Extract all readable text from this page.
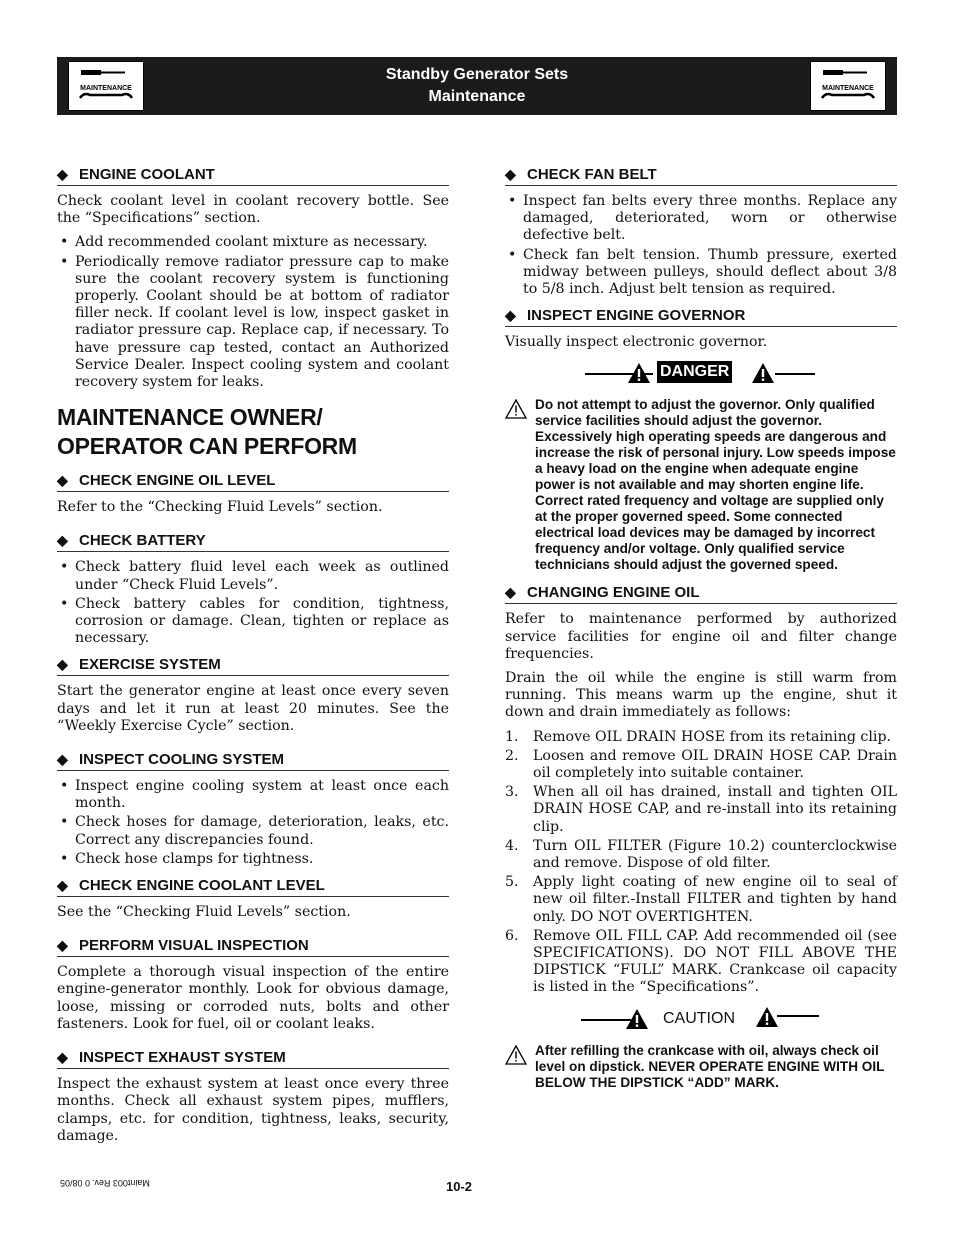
MAINTENANCE
Standby Generator Sets
Maintenance	MAINTENANCE
◆ ENGINE COOLANT

Check coolant level in coolant recovery bottle. See the “Specifications” section.

• Add recommended coolant mixture as necessary.
• Periodically remove radiator pressure cap to make sure the coolant recovery system is functioning properly. Coolant should be at bottom of radiator filler neck. If coolant level is low, inspect gasket in radiator pressure cap. Replace cap, if necessary. To have pressure cap tested, contact an Authorized Service Dealer. Inspect cooling system and coolant recovery system for leaks.
MAINTENANCE OWNER/
OPERATOR CAN PERFORM
◆ CHECK ENGINE OIL LEVEL

Refer to the “Checking Fluid Levels” section.

◆ CHECK BATTERY
• Check battery fluid level each week as outlined under “Check Fluid Levels”.
• Check battery cables for condition, tightness, corrosion or damage. Clean, tighten or replace as necessary.
◆ EXERCISE SYSTEM

Start the generator engine at least once every seven days and let it run at least 20 minutes. See the “Weekly Exercise Cycle” section.

◆ INSPECT COOLING SYSTEM
• Inspect engine cooling system at least once each month.
• Check hoses for damage, deterioration, leaks, etc. Correct any discrepancies found.
• Check hose clamps for tightness.
◆ CHECK ENGINE COOLANT LEVEL

See the “Checking Fluid Levels” section.

◆ PERFORM VISUAL INSPECTION

Complete a thorough visual inspection of the entire engine-generator monthly. Look for obvious damage, loose, missing or corroded nuts, bolts and other fasteners. Look for fuel, oil or coolant leaks.

◆ INSPECT EXHAUST SYSTEM

Inspect the exhaust system at least once every three months. Check all exhaust system pipes, mufflers, clamps, etc. for condition, tightness, leaks, security, damage.

◆ CHECK FAN BELT
• Inspect fan belts every three months. Replace any damaged, deteriorated, worn or otherwise defective belt.
• Check fan belt tension. Thumb pressure, exerted midway between pulleys, should deflect about 3/8 to 5/8 inch. Adjust belt tension as required.
◆ INSPECT ENGINE GOVERNOR

Visually inspect electronic governor.

DANGER
Do not attempt to adjust the governor. Only qualified service facilities should adjust the governor. Excessively high operating speeds are dangerous and increase the risk of personal injury. Low speeds impose a heavy load on the engine when adequate engine power is not available and may shorten engine life. Correct rated frequency and voltage are supplied only at the proper governed speed. Some connected electrical load devices may be damaged by incorrect frequency and/or voltage. Only qualified service technicians should adjust the governed speed.
◆ CHANGING ENGINE OIL

Refer to maintenance performed by authorized service facilities for engine oil and filter change frequencies.

Drain the oil while the engine is still warm from running. This means warm up the engine, shut it down and drain immediately as follows:

1. Remove OIL DRAIN HOSE from its retaining clip.
2. Loosen and remove OIL DRAIN HOSE CAP. Drain oil completely into suitable container.
3. When all oil has drained, install and tighten OIL DRAIN HOSE CAP, and re-install into its retaining clip.
4. Turn OIL FILTER (Figure 10.2) counterclockwise and remove. Dispose of old filter.
5. Apply light coating of new engine oil to seal of new oil filter.-Install FILTER and tighten by hand only. DO NOT OVERTIGHTEN.
6. Remove OIL FILL CAP. Add recommended oil (see SPECIFICATIONS). DO NOT FILL ABOVE THE DIPSTICK “FULL” MARK. Crankcase oil capacity is listed in the “Specifications”.
CAUTION
After refilling the crankcase with oil, always check oil level on dipstick. NEVER OPERATE ENGINE WITH OIL BELOW THE DIPSTICK “ADD” MARK.
Maint003 Rev. 0 08/05	10-2
